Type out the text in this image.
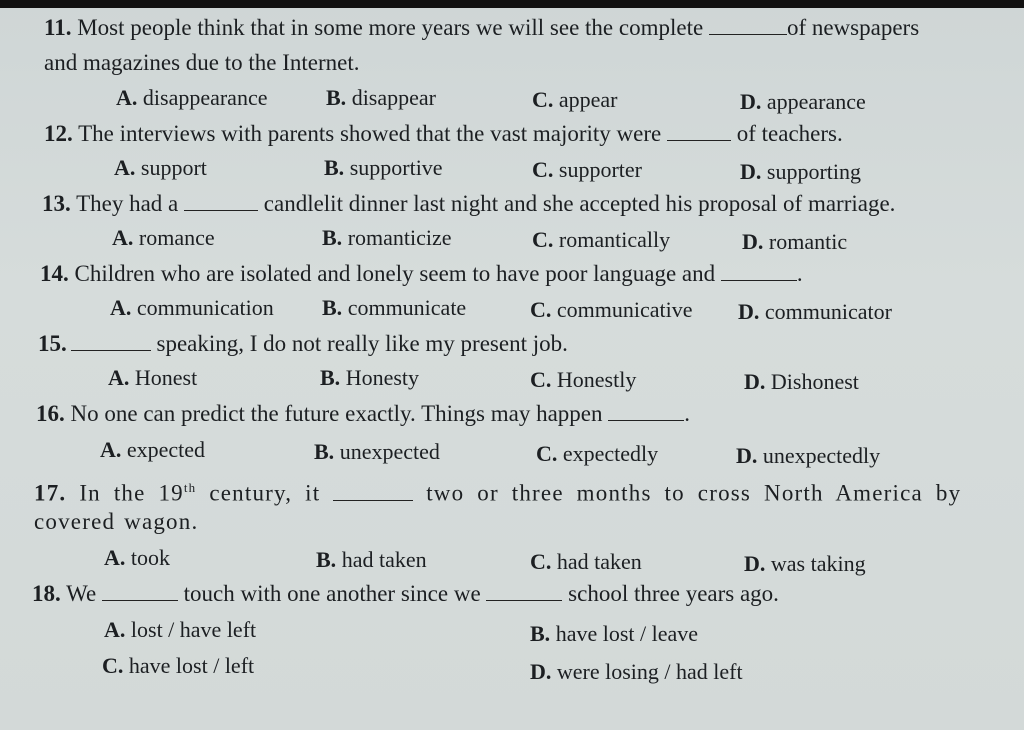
11. Most people think that in some more years we will see the complete	of newspapers
and magazines due to the Internet.
A. disappearance	B. disappear	C. appear	D. appearance
12. The interviews with parents showed that the vast majority were	of teachers.
A. support	B. supportive	C. supporter	D. supporting
13. They had a	candlelit dinner last night and she accepted his proposal of marriage.
A. romance	B. romanticize	C. romantically	D. romantic
14. Children who are isolated and lonely seem to have poor language and	.
A. communication B. communicate	C. communicative D. communicator
15.	speaking, I do not really like my present job.
A. Honest	B. Honesty	C. Honestly	D. Dishonest
16. No one can predict the future exactly. Things may happen	.
A. expected	B. unexpected	C. expectedly	D. unexpectedly
17. In the 19th century, it	two or three months to cross North America by
covered wagon.
A. took	B. had taken	C. had taken	D. was taking
18. We	touch with one another since we	school three years ago.
A. lost / have left	B. have lost / leave
C. have lost / left	D. were losing / had left
